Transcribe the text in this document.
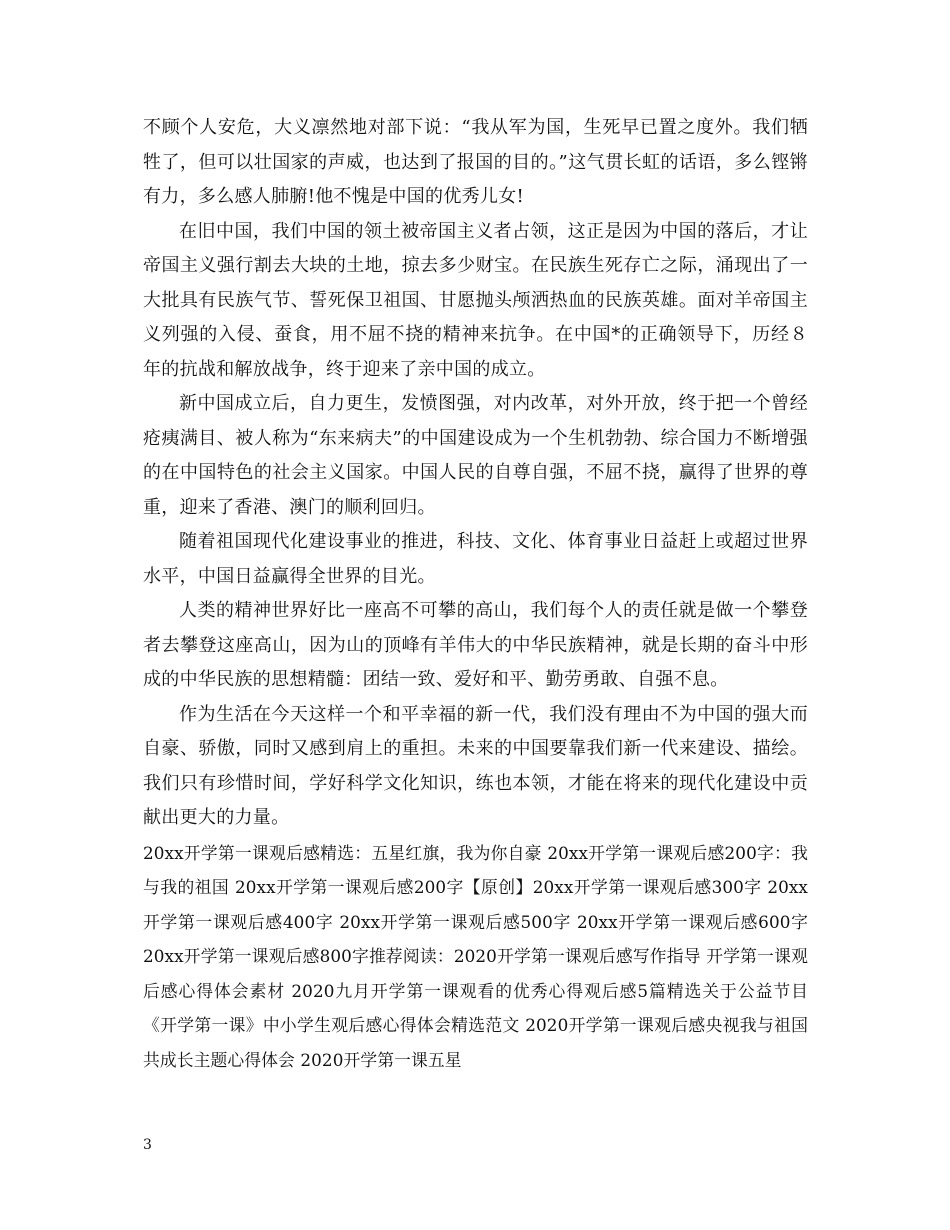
不顾个人安危，大义凛然地对部下说：“我从军为国，生死早已置之度外。我们牺牲了，但可以壮国家的声威，也达到了报国的目的。”这气贯长虹的话语，多么铿锵有力，多么感人肺腑!他不愧是中国的优秀儿女!

在旧中国，我们中国的领土被帝国主义者占领，这正是因为中国的落后，才让帝国主义强行割去大块的土地，掠去多少财宝。在民族生死存亡之际，涌现出了一大批具有民族气节、誓死保卫祖国、甘愿抛头颅洒热血的民族英雄。面对羊帝国主义列强的入侵、蚕食，用不屈不挠的精神来抗争。在中国*的正确领导下，历经８年的抗战和解放战争，终于迎来了亲中国的成立。

新中国成立后，自力更生，发愤图强，对内改革，对外开放，终于把一个曾经疮痍满目、被人称为“东来病夫”的中国建设成为一个生机勃勃、综合国力不断增强的在中国特色的社会主义国家。中国人民的自尊自强，不屈不挠，赢得了世界的尊重，迎来了香港、澳门的顺利回归。

随着祖国现代化建设事业的推进，科技、文化、体育事业日益赶上或超过世界水平，中国日益赢得全世界的目光。

人类的精神世界好比一座高不可攀的高山，我们每个人的责任就是做一个攀登者去攀登这座高山，因为山的顶峰有羊伟大的中华民族精神，就是长期的奋斗中形成的中华民族的思想精髓：团结一致、爱好和平、勤劳勇敢、自强不息。

作为生活在今天这样一个和平幸福的新一代，我们没有理由不为中国的强大而自豪、骄傲，同时又感到肩上的重担。未来的中国要靠我们新一代来建设、描绘。我们只有珍惜时间，学好科学文化知识，练也本领，才能在将来的现代化建设中贡献出更大的力量。

20xx开学第一课观后感精选：五星红旗，我为你自豪 20xx开学第一课观后感200字：我与我的祖国 20xx开学第一课观后感200字【原创】20xx开学第一课观后感300字 20xx开学第一课观后感400字 20xx开学第一课观后感500字 20xx开学第一课观后感600字 20xx开学第一课观后感800字推荐阅读：2020开学第一课观后感写作指导 开学第一课观后感心得体会素材 2020九月开学第一课观看的优秀心得观后感5篇精选关于公益节目《开学第一课》中小学生观后感心得体会精选范文 2020开学第一课观后感央视我与祖国共成长主题心得体会 2020开学第一课五星

3
